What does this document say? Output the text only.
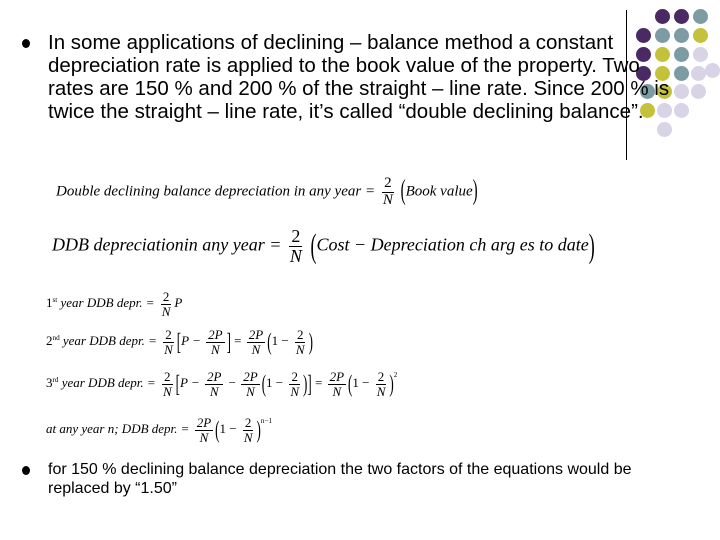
In some applications of declining – balance method a constant depreciation rate is applied to the book value of the property. Two rates are 150 % and 200 % of the straight – line rate. Since 200 % is twice the straight – line rate, it’s called “double declining balance”.

Double declining balance depreciation in any year = $\frac{2}{N}$ (Book value)
DDB depreciationin any year = $\frac{2}{N}$ (Cost − Depreciation ch arg es to date)
1st year DDB depr. = $\frac{2}{N}$ P
2nd year DDB depr. = $\frac{2}{N} [P - \frac{2P}{N}$ ] = $\frac{2P}{N} (1 - \frac{2}{N}$ )
3rd year DDB depr. = $\frac{2}{N} [P - \frac{2P}{N} - \frac{2P}{N} (1 - \frac{2}{N}$ )] = $\frac{2P}{N} (1 - \frac{2}{N} )^2$
at any year n; DDB depr. = $\frac{2P}{N} (1 - \frac{2}{N} )^{n-1}$

for 150 % declining balance depreciation the two factors of the equations would be replaced by “1.50”
